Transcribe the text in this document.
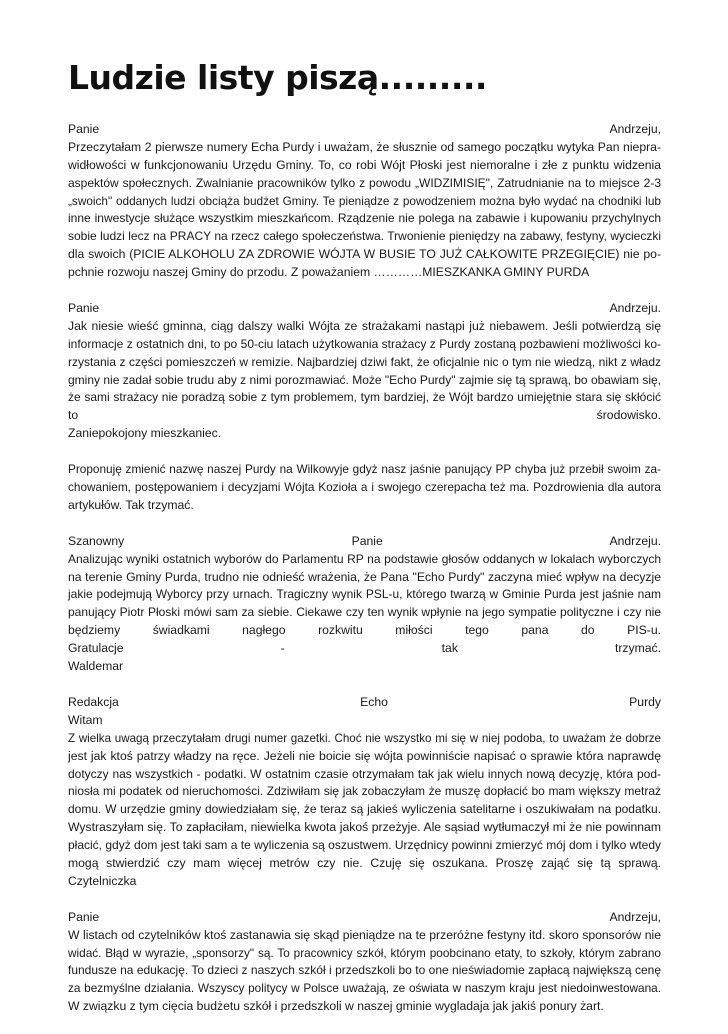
Ludzie listy piszą.........
Panie Andrzeju,
Przeczytałam 2 pierwsze numery Echa Purdy i uważam, że słusznie od samego początku wytyka Pan niepra-
widłowości w funkcjonowaniu Urzędu Gminy. To, co robi Wójt Płoski jest niemoralne i złe z punktu widzenia
aspektów społecznych. Zwalnianie pracowników tylko z powodu „WIDZIMISIĘ", Zatrudnianie na to miejsce 2-3
„swoich" oddanych ludzi obciąża budżet Gminy. Te pieniądze z powodzeniem można było wydać na chodniki lub
inne inwestycje służące wszystkim mieszkańcom. Rządzenie nie polega na zabawie i kupowaniu przychylnych
sobie ludzi lecz na PRACY na rzecz całego społeczeństwa. Trwonienie pieniędzy na zabawy, festyny, wycieczki
dla swoich (PICIE ALKOHOLU ZA ZDROWIE WÓJTA W BUSIE TO JUŻ CAŁKOWITE PRZEGIĘCIE) nie po-
pchnie rozwoju naszej Gminy do przodu. Z poważaniem …………MIESZKANKA GMINY PURDA
Panie Andrzeju.
Jak niesie wieść gminna, ciąg dalszy walki Wójta ze strażakami nastąpi już niebawem. Jeśli potwierdzą się
informacje z ostatnich dni, to po 50-ciu latach użytkowania strażacy z Purdy zostaną pozbawieni możliwości ko-
rzystania z części pomieszczeń w remizie. Najbardziej dziwi fakt, że oficjalnie nic o tym nie wiedzą, nikt z władz
gminy nie zadał sobie trudu aby z nimi porozmawiać. Może "Echo Purdy" zajmie się tą sprawą, bo obawiam się,
że sami strażacy nie poradzą sobie z tym problemem, tym bardziej, że Wójt bardzo umiejętnie stara się skłócić
to środowisko.
Zaniepokojony mieszkaniec.
Proponuję zmienić nazwę naszej Purdy na Wilkowyje gdyż nasz jaśnie panujący PP chyba już przebił swoim za-
chowaniem, postępowaniem i decyzjami Wójta Kozioła a i swojego czerepacha też ma. Pozdrowienia dla autora
artykułów. Tak trzymać.
Szanowny Panie Andrzeju.
Analizując wyniki ostatnich wyborów do Parlamentu RP na podstawie głosów oddanych w lokalach wyborczych
na terenie Gminy Purda, trudno nie odnieść wrażenia, że Pana "Echo Purdy" zaczyna mieć wpływ na decyzje
jakie podejmują Wyborcy przy urnach. Tragiczny wynik PSL-u, którego twarzą w Gminie Purda jest jaśnie nam
panujący Piotr Płoski mówi sam za siebie. Ciekawe czy ten wynik wpłynie na jego sympatie polityczne i czy nie
będziemy świadkami nagłego rozkwitu miłości tego pana do PIS-u.
Gratulacje - tak trzymać.
Waldemar
Redakcja Echo Purdy
Witam
Z wielka uwagą przeczytałam drugi numer gazetki. Choć nie wszystko mi się w niej podoba, to uważam że dobrze
jest jak ktoś patrzy władzy na ręce. Jeżeli nie boicie się wójta powinniście napisać o sprawie która naprawdę
dotyczy nas wszystkich - podatki. W ostatnim czasie otrzymałam tak jak wielu innych nową decyzję, która pod-
niosła mi podatek od nieruchomości. Zdziwiłam się jak zobaczyłam że muszę dopłacić bo mam większy metraż
domu. W urzędzie gminy dowiedziałam się, że teraz są jakieś wyliczenia satelitarne i oszukiwałam na podatku.
Wystraszyłam się. To zapłaciłam, niewielka kwota jakoś przeżyje. Ale sąsiad wytłumaczył mi że nie powinnam
płacić, gdyż dom jest taki sam a te wyliczenia są oszustwem. Urzędnicy powinni zmierzyć mój dom i tylko wtedy
mogą stwierdzić czy mam więcej metrów czy nie. Czuję się oszukana. Proszę zająć się tą sprawą.
Czytelniczka
Panie Andrzeju,
W listach od czytelników ktoś zastanawia się skąd pieniądze na te przeróżne festyny itd. skoro sponsorów nie
widać. Błąd w wyrazie, „sponsorzy" są. To pracownicy szkół, którym poobcinano etaty, to szkoły, którym zabrano
fundusze na edukację. To dzieci z naszych szkół i przedszkoli bo to one nieświadomie zapłacą największą cenę
za bezmyślne działania. Wszyscy politycy w Polsce uważają, ze oświata w naszym kraju jest niedoinwestowana.
W związku z tym cięcia budżetu szkół i przedszkoli w naszej gminie wygladaja jak jakiś ponury żart.
